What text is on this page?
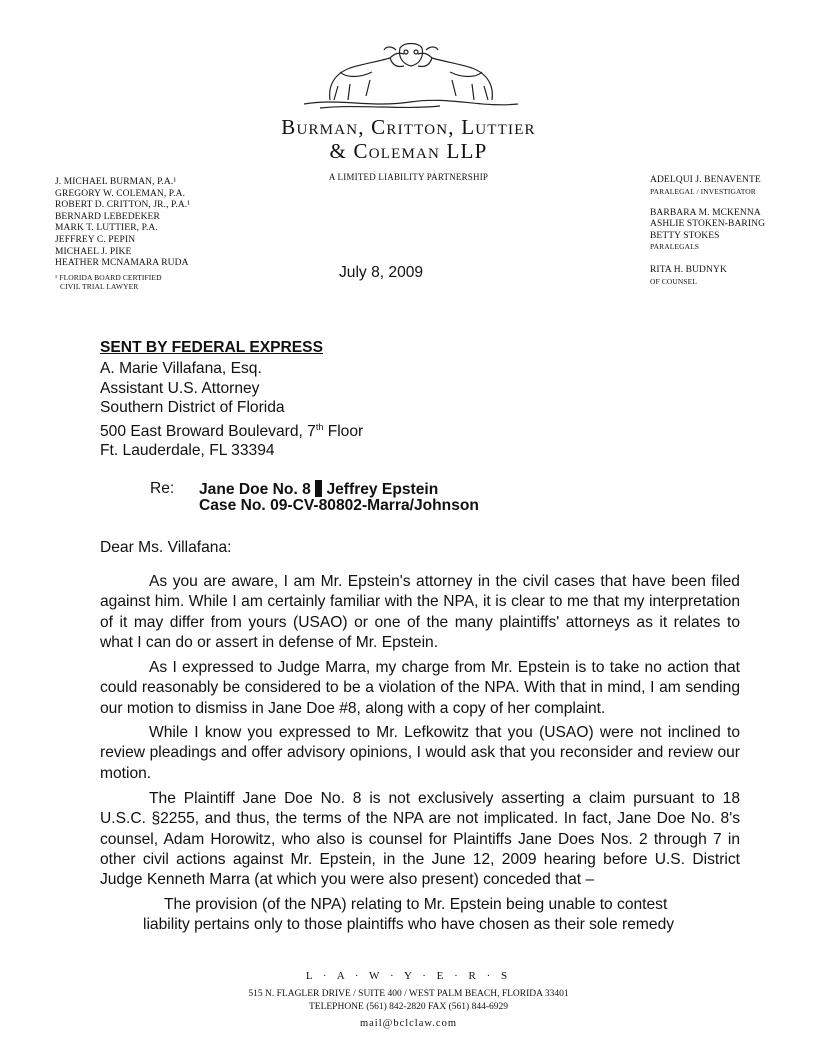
Burman, Critton, Luttier
& Coleman LLP
A LIMITED LIABILITY PARTNERSHIP
J. MICHAEL BURMAN, P.A.¹
GREGORY W. COLEMAN, P.A.
ROBERT D. CRITTON, JR., P.A.¹
BERNARD LEBEDEKER
MARK T. LUTTIER, P.A.
JEFFREY C. PEPIN
MICHAEL J. PIKE
HEATHER MCNAMARA RUDA
¹ FLORIDA BOARD CERTIFIED
CIVIL TRIAL LAWYER
ADELQUI J. BENAVENTE
PARALEGAL / INVESTIGATOR
BARBARA M. MCKENNA
ASHLIE STOKEN-BARING
BETTY STOKES
PARALEGALS
RITA H. BUDNYK
OF COUNSEL
July 8, 2009
SENT BY FEDERAL EXPRESS
A. Marie Villafana, Esq.
Assistant U.S. Attorney
Southern District of Florida
500 East Broward Boulevard, 7th Floor
Ft. Lauderdale, FL 33394
Re: Jane Doe No. 8  Jeffrey Epstein
Case No. 09-CV-80802-Marra/Johnson
Dear Ms. Villafana:

As you are aware, I am Mr. Epstein's attorney in the civil cases that have been filed against him. While I am certainly familiar with the NPA, it is clear to me that my interpretation of it may differ from yours (USAO) or one of the many plaintiffs' attorneys as it relates to what I can do or assert in defense of Mr. Epstein.

As I expressed to Judge Marra, my charge from Mr. Epstein is to take no action that could reasonably be considered to be a violation of the NPA. With that in mind, I am sending our motion to dismiss in Jane Doe #8, along with a copy of her complaint.

While I know you expressed to Mr. Lefkowitz that you (USAO) were not inclined to review pleadings and offer advisory opinions, I would ask that you reconsider and review our motion.

The Plaintiff Jane Doe No. 8 is not exclusively asserting a claim pursuant to 18 U.S.C. §2255, and thus, the terms of the NPA are not implicated. In fact, Jane Doe No. 8's counsel, Adam Horowitz, who also is counsel for Plaintiffs Jane Does Nos. 2 through 7 in other civil actions against Mr. Epstein, in the June 12, 2009 hearing before U.S. District Judge Kenneth Marra (at which you were also present) conceded that –

The provision (of the NPA) relating to Mr. Epstein being unable to contest
liability pertains only to those plaintiffs who have chosen as their sole remedy
L · A · W · Y · E · R · S
515 N. FLAGLER DRIVE / SUITE 400 / WEST PALM BEACH, FLORIDA 33401
TELEPHONE (561) 842-2820 FAX (561) 844-6929
mail@bclclaw.com
